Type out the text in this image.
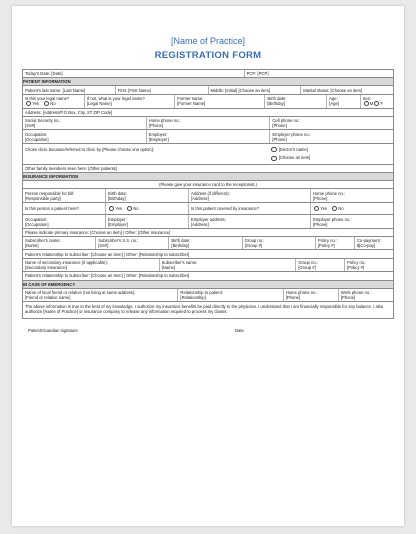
[Name of Practice]
REGISTRATION FORM
Today's Date: [Date]	PCP: [PCP]
PATIENT INFORMATION
Patient's last name: [Last Name]	First: [First Name]	Middle: [Initial] [Choose an item]	Marital status: [Choose an item]
Is this your legal name?
Yes	No
If not, what is your legal name?
[Legal Name]
Former name:
[Former Name]
Birth date:
[Birthday]
Age:
[Age]
Sex:
M F
Address: [Address/P.O Box, City, ST ZIP Code]
Social Security no.:
[SS#]
Home phone no.:
[Phone]
Cell phone no.:
[Phone]
Occupation:
[Occupation]
Employer:
[Employer]
Employer phone no.:
[Phone]
Chose clinic because/referred to clinic by [Please choose one option]:	[Doctor's name]
[Choose an item]
Other family members seen here: [Other patients]
INSURANCE INFORMATION
(Please give your insurance card to the receptionist.)
Person responsible for bill:
[Responsible party]
Birth date:
[Birthday]
Address (if different):
[Address]
Home phone no.:
[Phone]
Is this person a patient here?	Yes	No	Is this patient covered by insurance?	Yes	No
Occupation:
[Occupation]
Employer:
[Employer]
Employer address:
[Address]
Employer phone no.:
[Phone]
Please indicate primary insurance: [Choose an item] | Other: [Other insurance]
Subscriber's name:
[Name]
Subscriber's S.S. no.:
[SS#]
Birth date:
[Birthday]
Group no.:
[Group #]
Policy no.:
[Policy #]
Co-payment:
$[Co-pay]
Patient's relationship to subscriber: [Choose an item] | Other: [Relationship to subscriber]
Name of secondary insurance (if applicable):
[Secondary Insurance]
Subscriber's name:
[Name]
Group no.:
[Group #]
Policy no.:
[Policy #]
Patient's relationship to subscriber: [Choose an item] | Other: [Relationship to subscriber]
IN CASE OF EMERGENCY
Name of local friend or relative (not living at same address):
[Friend or relative name]
Relationship to patient:
[Relationship]
Home phone no.:
[Phone]
Work phone no.:
[Phone]
The above information is true to the best of my knowledge. I authorize my insurance benefits be paid directly to the physician. I understand that I am financially responsible for any balance. I also authorize [Name of Practice] or insurance company to release any information required to process my claims.
Patient/Guardian signature	Date
